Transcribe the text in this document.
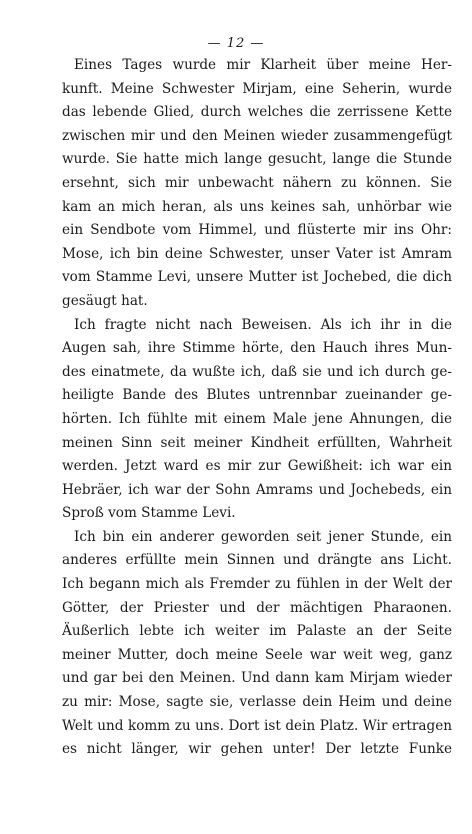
— 12 —
Eines Tages wurde mir Klarheit über meine Her-
kunft. Meine Schwester Mirjam, eine Seherin, wurde
das lebende Glied, durch welches die zerrissene Kette
zwischen mir und den Meinen wieder zusammengefügt
wurde. Sie hatte mich lange gesucht, lange die Stunde
ersehnt, sich mir unbewacht nähern zu können. Sie
kam an mich heran, als uns keines sah, unhörbar wie
ein Sendbote vom Himmel, und flüsterte mir ins Ohr:
Mose, ich bin deine Schwester, unser Vater ist Amram
vom Stamme Levi, unsere Mutter ist Jochebed, die dich
gesäugt hat.
Ich fragte nicht nach Beweisen. Als ich ihr in die
Augen sah, ihre Stimme hörte, den Hauch ihres Mun-
des einatmete, da wußte ich, daß sie und ich durch ge-
heiligte Bande des Blutes untrennbar zueinander ge-
hörten. Ich fühlte mit einem Male jene Ahnungen, die
meinen Sinn seit meiner Kindheit erfüllten, Wahrheit
werden. Jetzt ward es mir zur Gewißheit: ich war ein
Hebräer, ich war der Sohn Amrams und Jochebeds, ein
Sproß vom Stamme Levi.
Ich bin ein anderer geworden seit jener Stunde, ein
anderes erfüllte mein Sinnen und drängte ans Licht.
Ich begann mich als Fremder zu fühlen in der Welt der
Götter, der Priester und der mächtigen Pharaonen.
Äußerlich lebte ich weiter im Palaste an der Seite
meiner Mutter, doch meine Seele war weit weg, ganz
und gar bei den Meinen. Und dann kam Mirjam wieder
zu mir: Mose, sagte sie, verlasse dein Heim und deine
Welt und komm zu uns. Dort ist dein Platz. Wir ertragen
es nicht länger, wir gehen unter! Der letzte Funke
